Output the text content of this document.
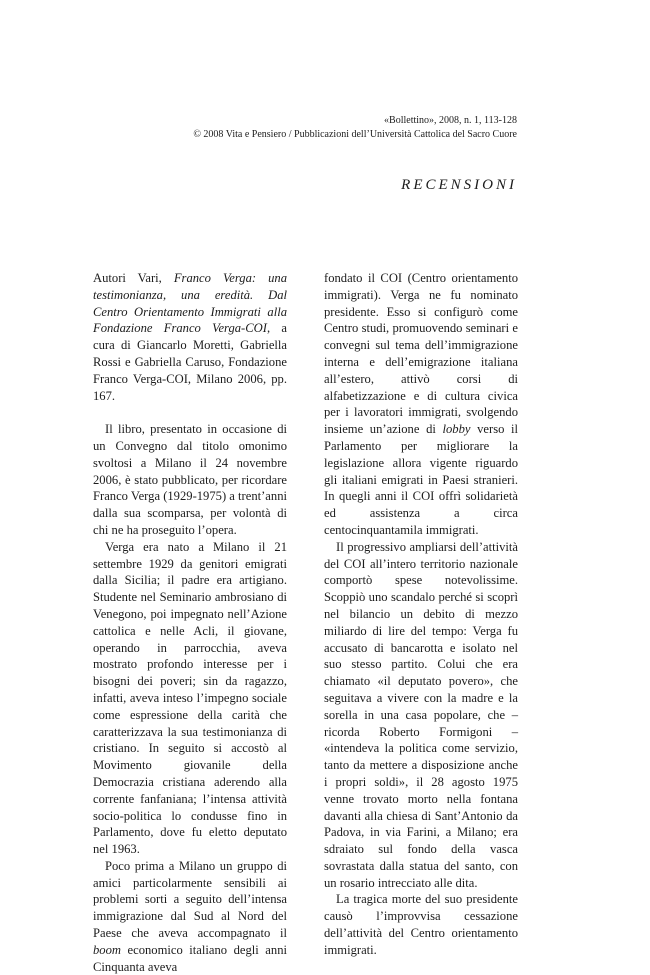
«Bollettino», 2008, n. 1, 113-128
© 2008 Vita e Pensiero / Pubblicazioni dell’Università Cattolica del Sacro Cuore
RECENSIONI

Autori Vari, Franco Verga: una testimonianza, una eredità. Dal Centro Orientamento Immigrati alla Fondazione Franco Verga-COI, a cura di Giancarlo Moretti, Gabriella Rossi e Gabriella Caruso, Fondazione Franco Verga-COI, Milano 2006, pp. 167.

Il libro, presentato in occasione di un Convegno dal titolo omonimo svoltosi a Milano il 24 novembre 2006, è stato pubblicato, per ricordare Franco Verga (1929-1975) a trent’anni dalla sua scomparsa, per volontà di chi ne ha proseguito l’opera.

Verga era nato a Milano il 21 settembre 1929 da genitori emigrati dalla Sicilia; il padre era artigiano. Studente nel Seminario ambrosiano di Venegono, poi impegnato nell’Azione cattolica e nelle Acli, il giovane, operando in parrocchia, aveva mostrato profondo interesse per i bisogni dei poveri; sin da ragazzo, infatti, aveva inteso l’impegno sociale come espressione della carità che caratterizzava la sua testimonianza di cristiano. In seguito si accostò al Movimento giovanile della Democrazia cristiana aderendo alla corrente fanfaniana; l’intensa attività socio-politica lo condusse fino in Parlamento, dove fu eletto deputato nel 1963.

Poco prima a Milano un gruppo di amici particolarmente sensibili ai problemi sorti a seguito dell’intensa immigrazione dal Sud al Nord del Paese che aveva accompagnato il boom economico italiano degli anni Cinquanta aveva

fondato il COI (Centro orientamento immigrati). Verga ne fu nominato presidente. Esso si configurò come Centro studi, promuovendo seminari e convegni sul tema dell’immigrazione interna e dell’emigrazione italiana all’estero, attivò corsi di alfabetizzazione e di cultura civica per i lavoratori immigrati, svolgendo insieme un’azione di lobby verso il Parlamento per migliorare la legislazione allora vigente riguardo gli italiani emigrati in Paesi stranieri. In quegli anni il COI offrì solidarietà ed assistenza a circa centocinquantamila immigrati.

Il progressivo ampliarsi dell’attività del COI all’intero territorio nazionale comportò spese notevolissime. Scoppiò uno scandalo perché si scoprì nel bilancio un debito di mezzo miliardo di lire del tempo: Verga fu accusato di bancarotta e isolato nel suo stesso partito. Colui che era chiamato «il deputato povero», che seguitava a vivere con la madre e la sorella in una casa popolare, che – ricorda Roberto Formigoni – «intendeva la politica come servizio, tanto da mettere a disposizione anche i propri soldi», il 28 agosto 1975 venne trovato morto nella fontana davanti alla chiesa di Sant’Antonio da Padova, in via Farini, a Milano; era sdraiato sul fondo della vasca sovrastata dalla statua del santo, con un rosario intrecciato alle dita.

La tragica morte del suo presidente causò l’improvvisa cessazione dell’attività del Centro orientamento immigrati.
